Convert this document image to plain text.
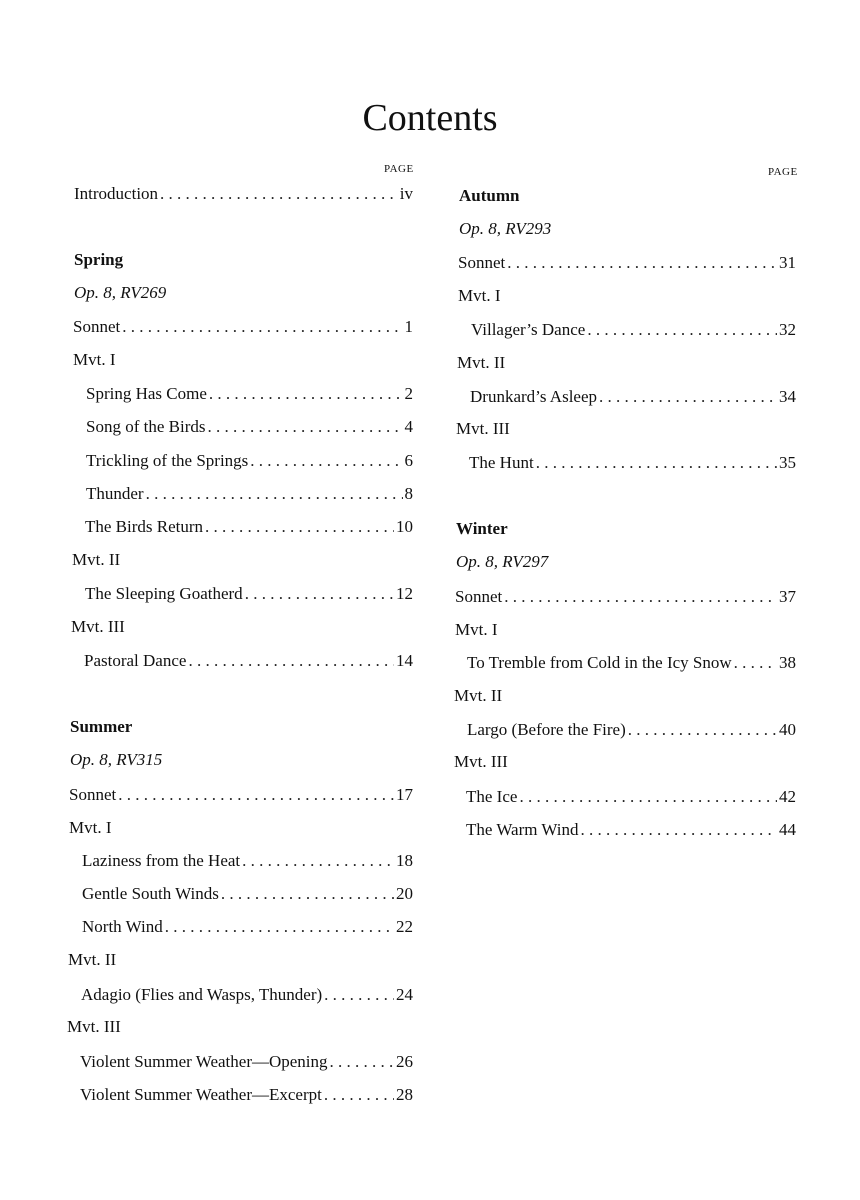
Contents
PAGE	PAGE
Introduction . . .	iv
Spring
Op. 8, RV269
Sonnet . . .	1
Mvt. I
Spring Has Come . . .	2
Song of the Birds . . .	4
Trickling of the Springs . . .	6
Thunder . . .	8
The Birds Return . . .	10
Mvt. II
The Sleeping Goatherd . . .	12
Mvt. III
Pastoral Dance . . .	14
Summer
Op. 8, RV315
Sonnet . . .	17
Mvt. I
Laziness from the Heat . . .	18
Gentle South Winds . . .	20
North Wind . . .	22
Mvt. II
Adagio (Flies and Wasps, Thunder) . . .	24
Mvt. III
Violent Summer Weather—Opening . . .	26
Violent Summer Weather—Excerpt . . .	28
Autumn
Op. 8, RV293
Sonnet . . .	31
Mvt. I
Villager’s Dance . . .	32
Mvt. II
Drunkard’s Asleep . . .	34
Mvt. III
The Hunt . . .	35
Winter
Op. 8, RV297
Sonnet . . .	37
Mvt. I
To Tremble from Cold in the Icy Snow . . .	38
Mvt. II
Largo (Before the Fire) . . .	40
Mvt. III
The Ice . . .	42
The Warm Wind . . .	44
